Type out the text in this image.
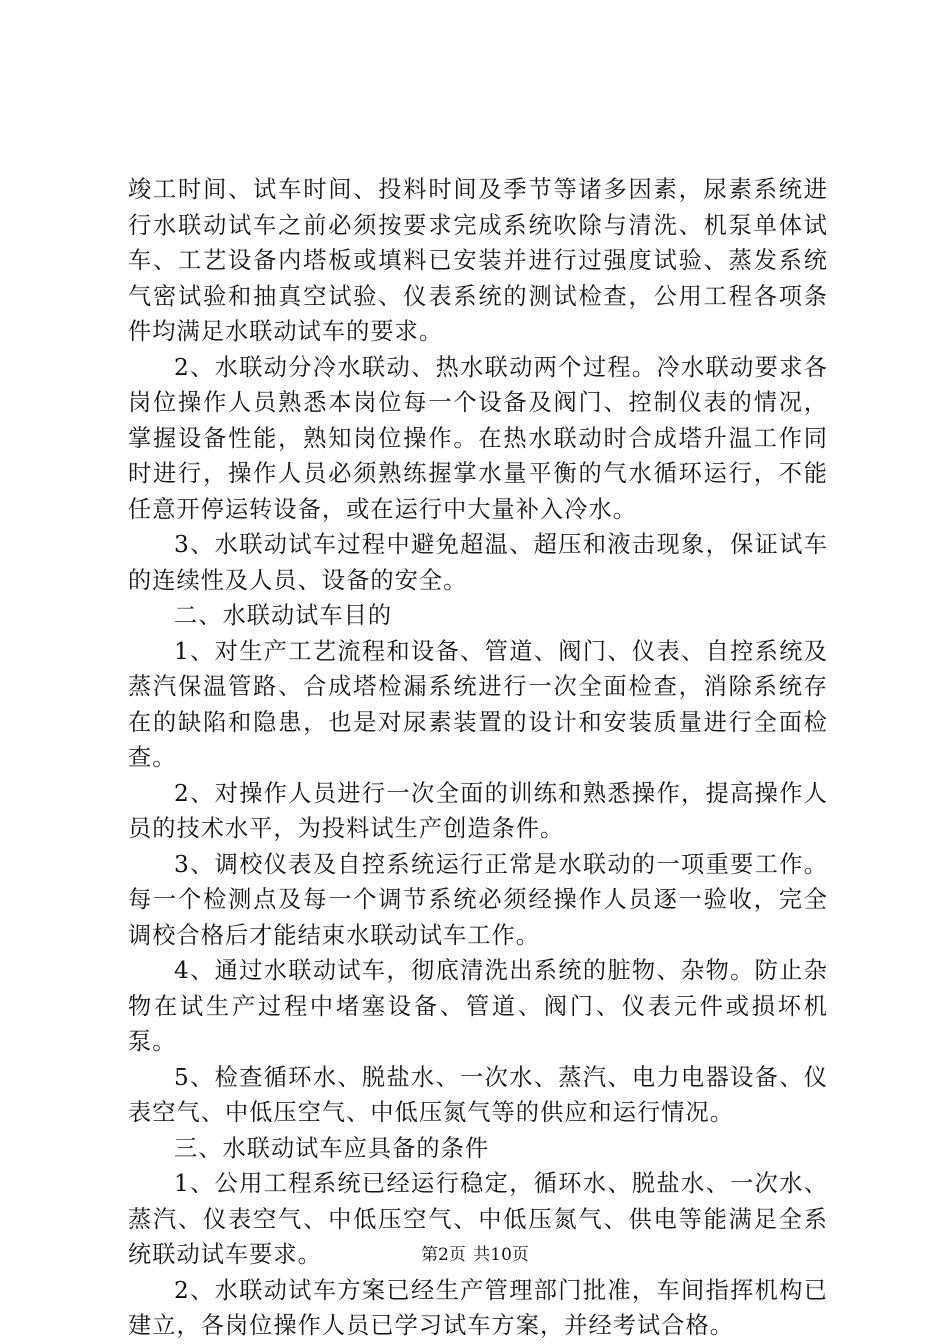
竣工时间、试车时间、投料时间及季节等诸多因素，尿素系统进行水联动试车之前必须按要求完成系统吹除与清洗、机泵单体试车、工艺设备内塔板或填料已安装并进行过强度试验、蒸发系统气密试验和抽真空试验、仪表系统的测试检查，公用工程各项条件均满足水联动试车的要求。

2、水联动分冷水联动、热水联动两个过程。冷水联动要求各岗位操作人员熟悉本岗位每一个设备及阀门、控制仪表的情况，掌握设备性能，熟知岗位操作。在热水联动时合成塔升温工作同时进行，操作人员必须熟练握掌水量平衡的气水循环运行，不能任意开停运转设备，或在运行中大量补入冷水。

3、水联动试车过程中避免超温、超压和液击现象，保证试车的连续性及人员、设备的安全。

二、水联动试车目的

1、对生产工艺流程和设备、管道、阀门、仪表、自控系统及蒸汽保温管路、合成塔检漏系统进行一次全面检查，消除系统存在的缺陷和隐患，也是对尿素装置的设计和安装质量进行全面检查。

2、对操作人员进行一次全面的训练和熟悉操作，提高操作人员的技术水平，为投料试生产创造条件。

3、调校仪表及自控系统运行正常是水联动的一项重要工作。每一个检测点及每一个调节系统必须经操作人员逐一验收，完全调校合格后才能结束水联动试车工作。

4、通过水联动试车，彻底清洗出系统的脏物、杂物。防止杂物在试生产过程中堵塞设备、管道、阀门、仪表元件或损坏机泵。

5、检查循环水、脱盐水、一次水、蒸汽、电力电器设备、仪表空气、中低压空气、中低压氮气等的供应和运行情况。

三、水联动试车应具备的条件

1、公用工程系统已经运行稳定，循环水、脱盐水、一次水、蒸汽、仪表空气、中低压空气、中低压氮气、供电等能满足全系统联动试车要求。

2、水联动试车方案已经生产管理部门批准，车间指挥机构已建立，各岗位操作人员已学习试车方案，并经考试合格。

第2页 共10页
